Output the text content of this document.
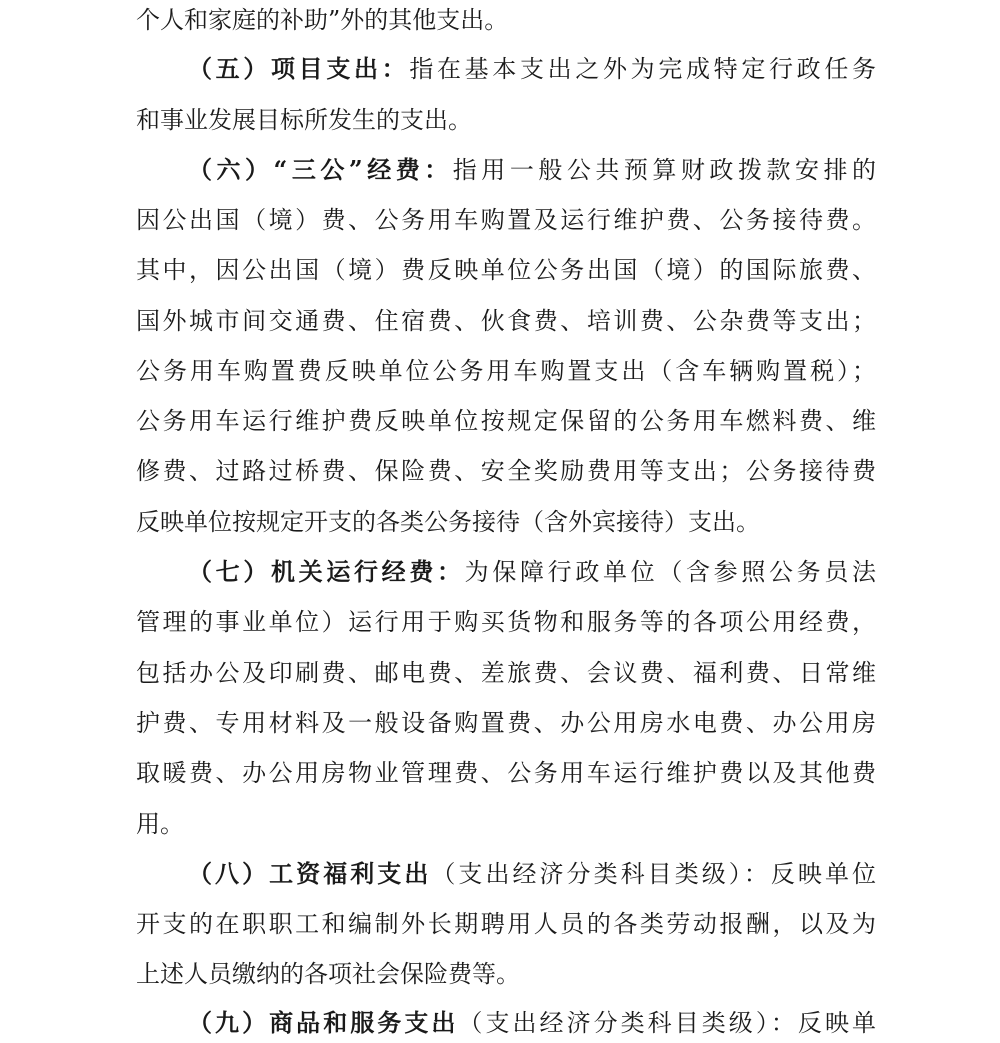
个人和家庭的补助”外的其他支出。
（五）项目支出：指在基本支出之外为完成特定行政任务
和事业发展目标所发生的支出。
（六）“三公”经费：指用一般公共预算财政拨款安排的
因公出国（境）费、公务用车购置及运行维护费、公务接待费。
其中，因公出国（境）费反映单位公务出国（境）的国际旅费、
国外城市间交通费、住宿费、伙食费、培训费、公杂费等支出；
公务用车购置费反映单位公务用车购置支出（含车辆购置税）；
公务用车运行维护费反映单位按规定保留的公务用车燃料费、维
修费、过路过桥费、保险费、安全奖励费用等支出；公务接待费
反映单位按规定开支的各类公务接待（含外宾接待）支出。
（七）机关运行经费：为保障行政单位（含参照公务员法
管理的事业单位）运行用于购买货物和服务等的各项公用经费，
包括办公及印刷费、邮电费、差旅费、会议费、福利费、日常维
护费、专用材料及一般设备购置费、办公用房水电费、办公用房
取暖费、办公用房物业管理费、公务用车运行维护费以及其他费
用。
（八）工资福利支出（支出经济分类科目类级）：反映单位
开支的在职职工和编制外长期聘用人员的各类劳动报酬，以及为
上述人员缴纳的各项社会保险费等。
（九）商品和服务支出（支出经济分类科目类级）：反映单
